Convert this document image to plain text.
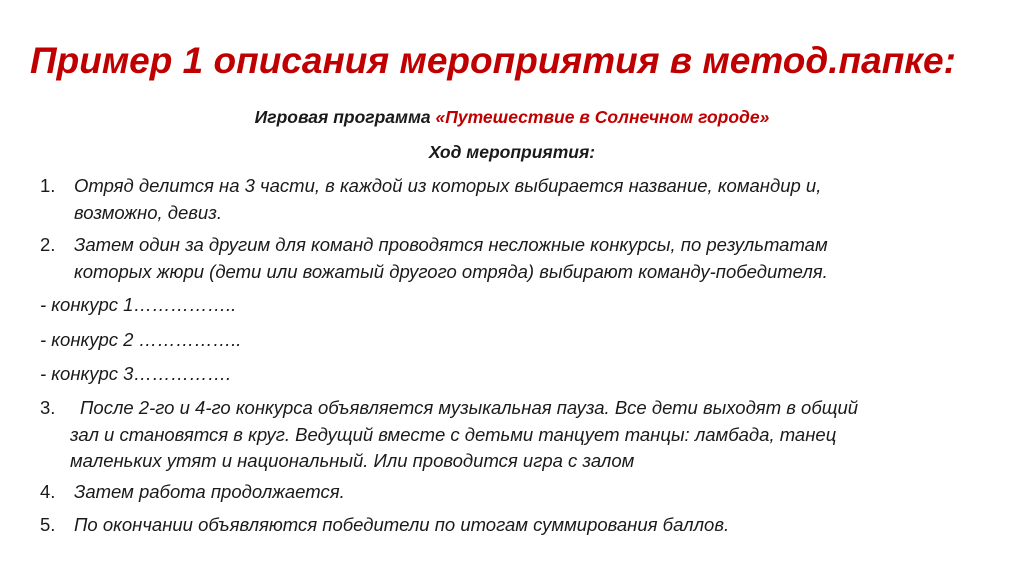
Пример 1 описания мероприятия в метод.папке:
Игровая программа «Путешествие в Солнечном городе»
Ход мероприятия:
1. Отряд делится на 3 части, в каждой из которых выбирается название, командир и,
возможно, девиз.
2. Затем один за другим для команд проводятся несложные конкурсы, по результатам
которых жюри (дети или вожатый другого отряда) выбирают команду-победителя.
- конкурс 1……………..
- конкурс 2 ……………..
- конкурс 3…………….
3. После 2-го и 4-го конкурса объявляется музыкальная пауза. Все дети выходят в общий
зал и становятся в круг. Ведущий вместе с детьми танцует танцы: ламбада, танец
маленьких утят и национальный. Или проводится игра с залом
4. Затем работа продолжается.
5. По окончании объявляются победители по итогам суммирования баллов.
